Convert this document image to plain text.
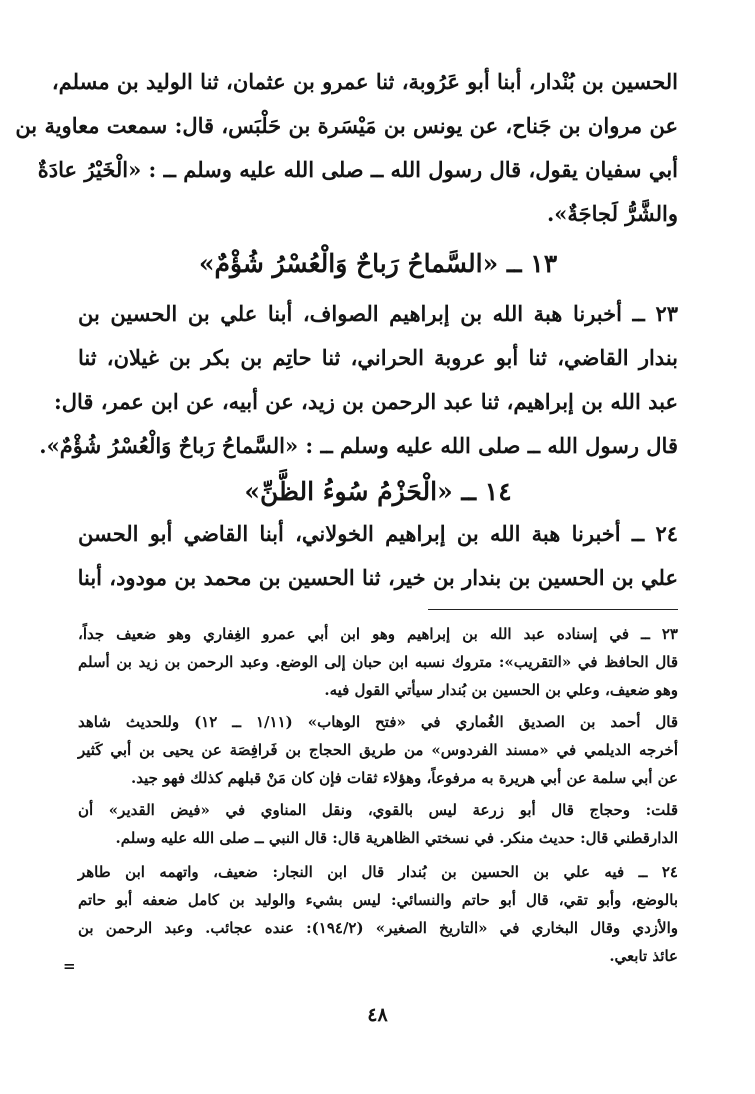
الحسين بن بُنْدار، أبنا أبو عَرُوبة، ثنا عمرو بن عثمان، ثنا الوليد بن مسلم،
عن مروان بن جَناح، عن يونس بن مَيْسَرة بن حَلْبَس، قال: سمعت معاوية بن
أبي سفيان يقول، قال رسول الله ــ صلى الله عليه وسلم ــ : «الْخَيْرُ عادَةٌ
والشَّرُّ لَجاجَةٌ».
١٣ ــ «السَّماحُ رَباحٌ وَالْعُسْرُ شُؤْمٌ»
٢٣ ــ أخبرنا هبة الله بن إبراهيم الصواف، أبنا علي بن الحسين بن
بندار القاضي، ثنا أبو عروبة الحراني، ثنا حاتِم بن بكر بن غيلان، ثنا
عبد الله بن إبراهيم، ثنا عبد الرحمن بن زيد، عن أبيه، عن ابن عمر، قال:
قال رسول الله ــ صلى الله عليه وسلم ــ : «السَّماحُ رَباحٌ وَالْعُسْرُ شُؤْمٌ».
١٤ ــ «الْحَزْمُ سُوءُ الظَّنِّ»
٢٤ ــ أخبرنا هبة الله بن إبراهيم الخولاني، أبنا القاضي أبو الحسن
علي بن الحسين بن بندار بن خير، ثنا الحسين بن محمد بن مودود، أبنا
٢٣ ــ في إسناده عبد الله بن إبراهيم وهو ابن أبي عمرو الغِفاري وهو ضعيف جداً،
قال الحافظ في «التقريب»: متروك نسبه ابن حبان إلى الوضع. وعبد الرحمن بن زيد بن أسلم
وهو ضعيف، وعلي بن الحسين بن بُندار سيأتي القول فيه.
قال أحمد بن الصديق الغُماري في «فتح الوهاب» (١/١١ ــ ١٢) وللحديث شاهد
أخرجه الديلمي في «مسند الفردوس» من طريق الحجاج بن فَرافِصَة عن يحيى بن أبي كَثير
عن أبي سلمة عن أبي هريرة به مرفوعاً، وهؤلاء ثقات فإن كان مَنْ قبلهم كذلك فهو جيد.
قلت: وحجاج قال أبو زرعة ليس بالقوي، ونقل المناوي في «فيض القدير» أن
الدارقطني قال: حديث منكر. في نسختي الظاهرية قال: قال النبي ــ صلى الله عليه وسلم.
٢٤ ــ فيه علي بن الحسين بن بُندار قال ابن النجار: ضعيف، واتهمه ابن طاهر
بالوضع، وأبو تقي، قال أبو حاتم والنسائي: ليس بشيء والوليد بن كامل ضعفه أبو حاتم
والأزدي وقال البخاري في «التاريخ الصغير» (١٩٤/٢): عنده عجائب. وعبد الرحمن بن
عائذ تابعي.
=
٤٨
